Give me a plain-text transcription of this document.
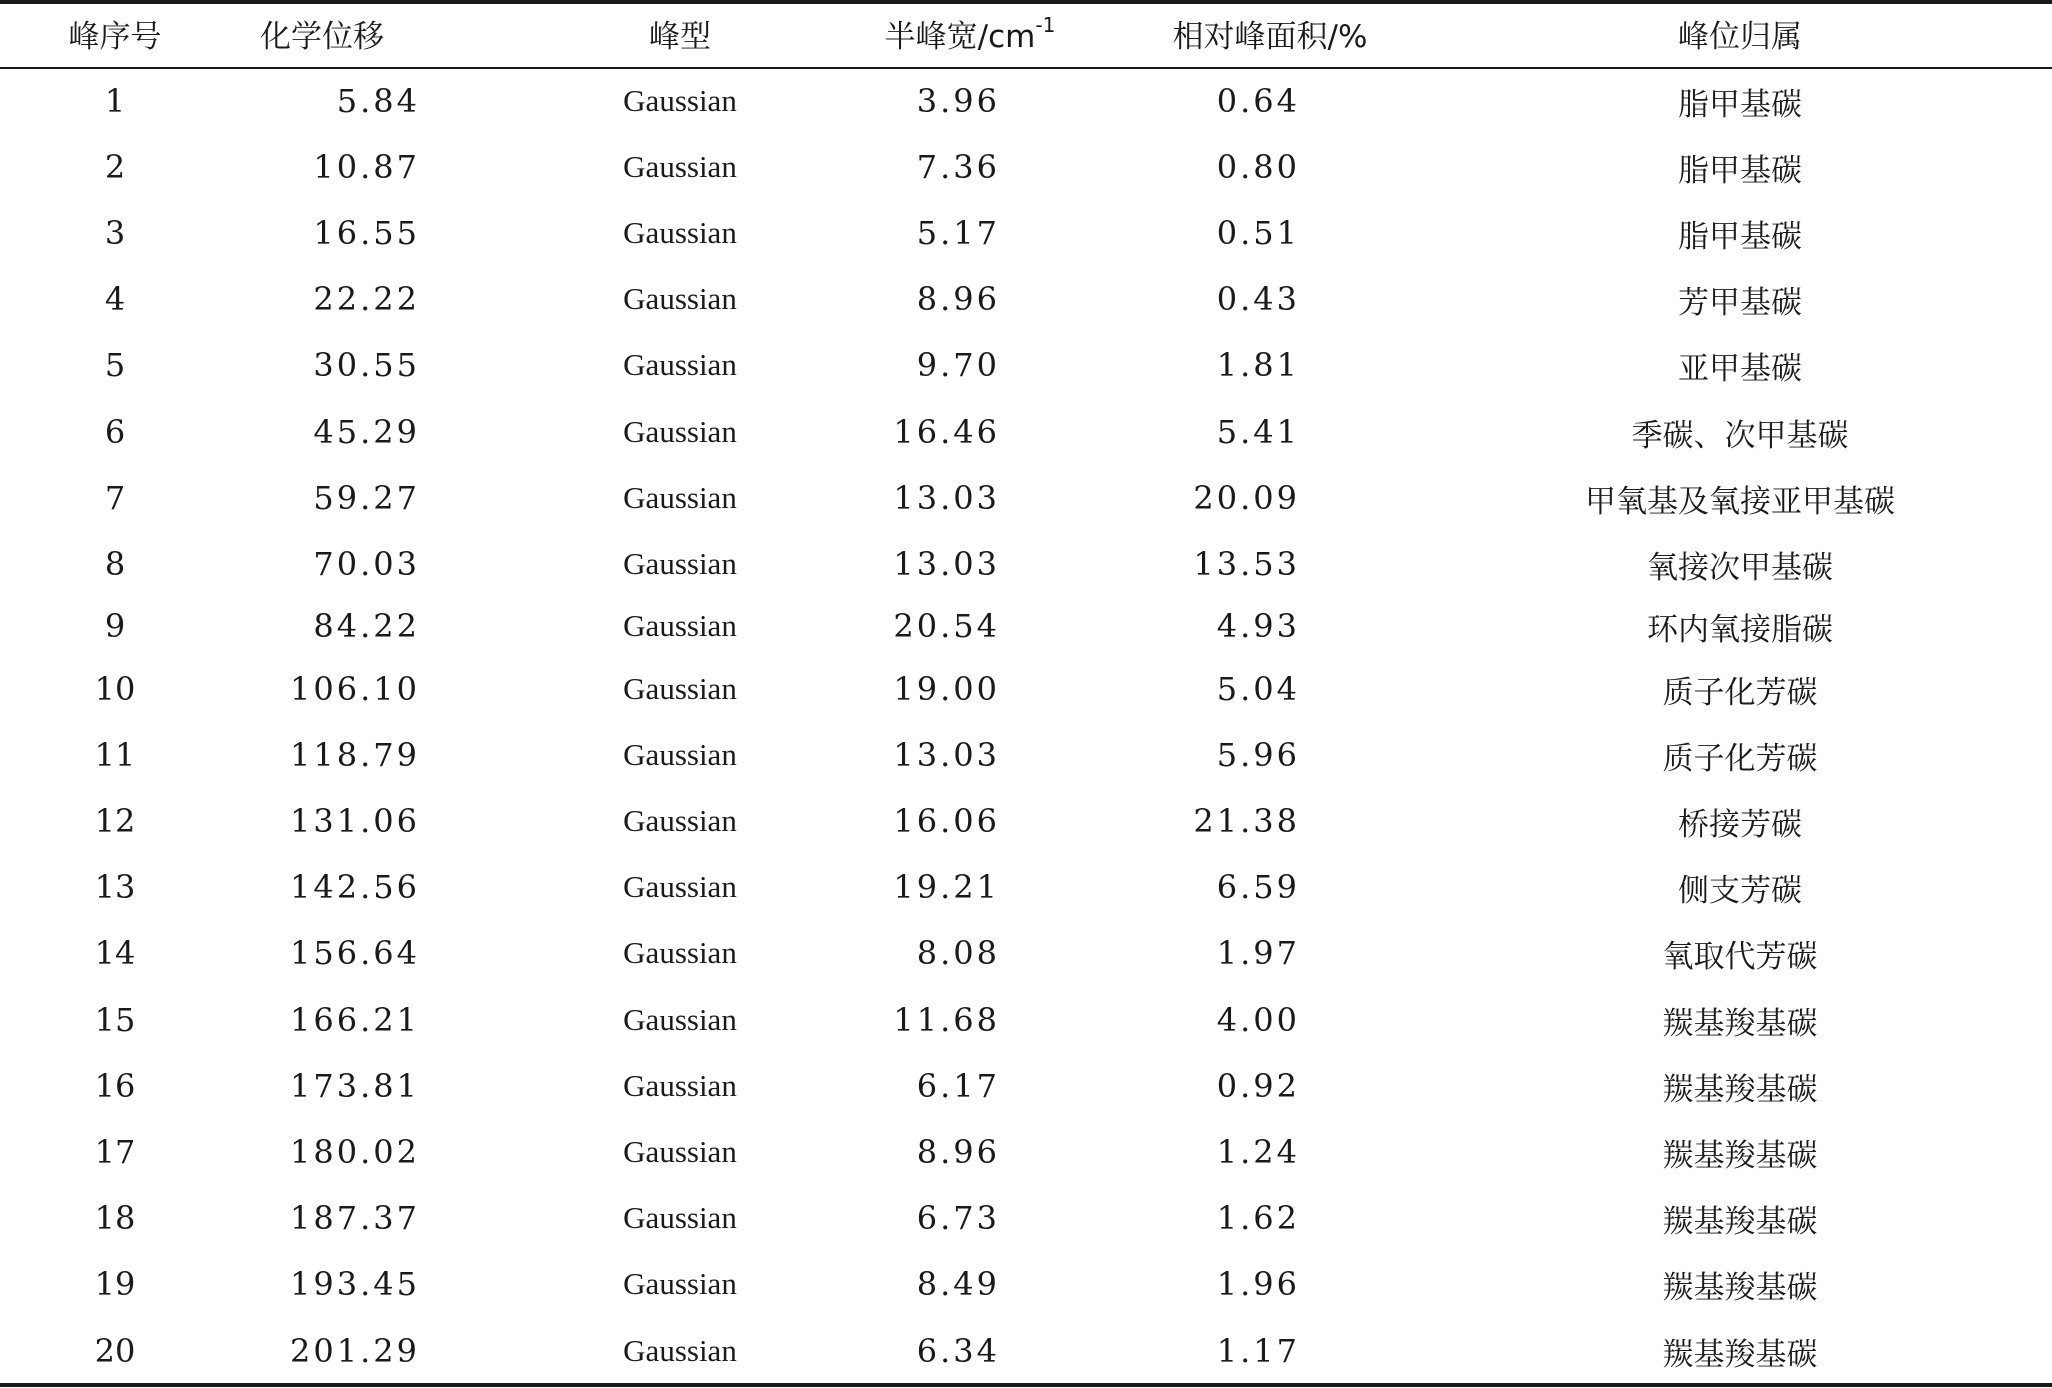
峰序号	化学位移	峰型	半峰宽/cm -1	相对峰面积/%	峰位归属
1	5.84	Gaussian	3.96	0.64	脂甲基碳
2	10.87	Gaussian	7.36	0.80	脂甲基碳
3	16.55	Gaussian	5.17	0.51	脂甲基碳
4	22.22	Gaussian	8.96	0.43	芳甲基碳
5	30.55	Gaussian	9.70	1.81	亚甲基碳
6	45.29	Gaussian	16.46	5.41	季碳、次甲基碳
7	59.27	Gaussian	13.03	20.09	甲氧基及氧接亚甲基碳
8	70.03	Gaussian	13.03	13.53	氧接次甲基碳
9	84.22	Gaussian	20.54	4.93	环内氧接脂碳
10	106.10	Gaussian	19.00	5.04	质子化芳碳
11	118.79	Gaussian	13.03	5.96	质子化芳碳
12	131.06	Gaussian	16.06	21.38	桥接芳碳
13	142.56	Gaussian	19.21	6.59	侧支芳碳
14	156.64	Gaussian	8.08	1.97	氧取代芳碳
15	166.21	Gaussian	11.68	4.00	羰基羧基碳
16	173.81	Gaussian	6.17	0.92	羰基羧基碳
17	180.02	Gaussian	8.96	1.24	羰基羧基碳
18	187.37	Gaussian	6.73	1.62	羰基羧基碳
19	193.45	Gaussian	8.49	1.96	羰基羧基碳
20	201.29	Gaussian	6.34	1.17	羰基羧基碳
